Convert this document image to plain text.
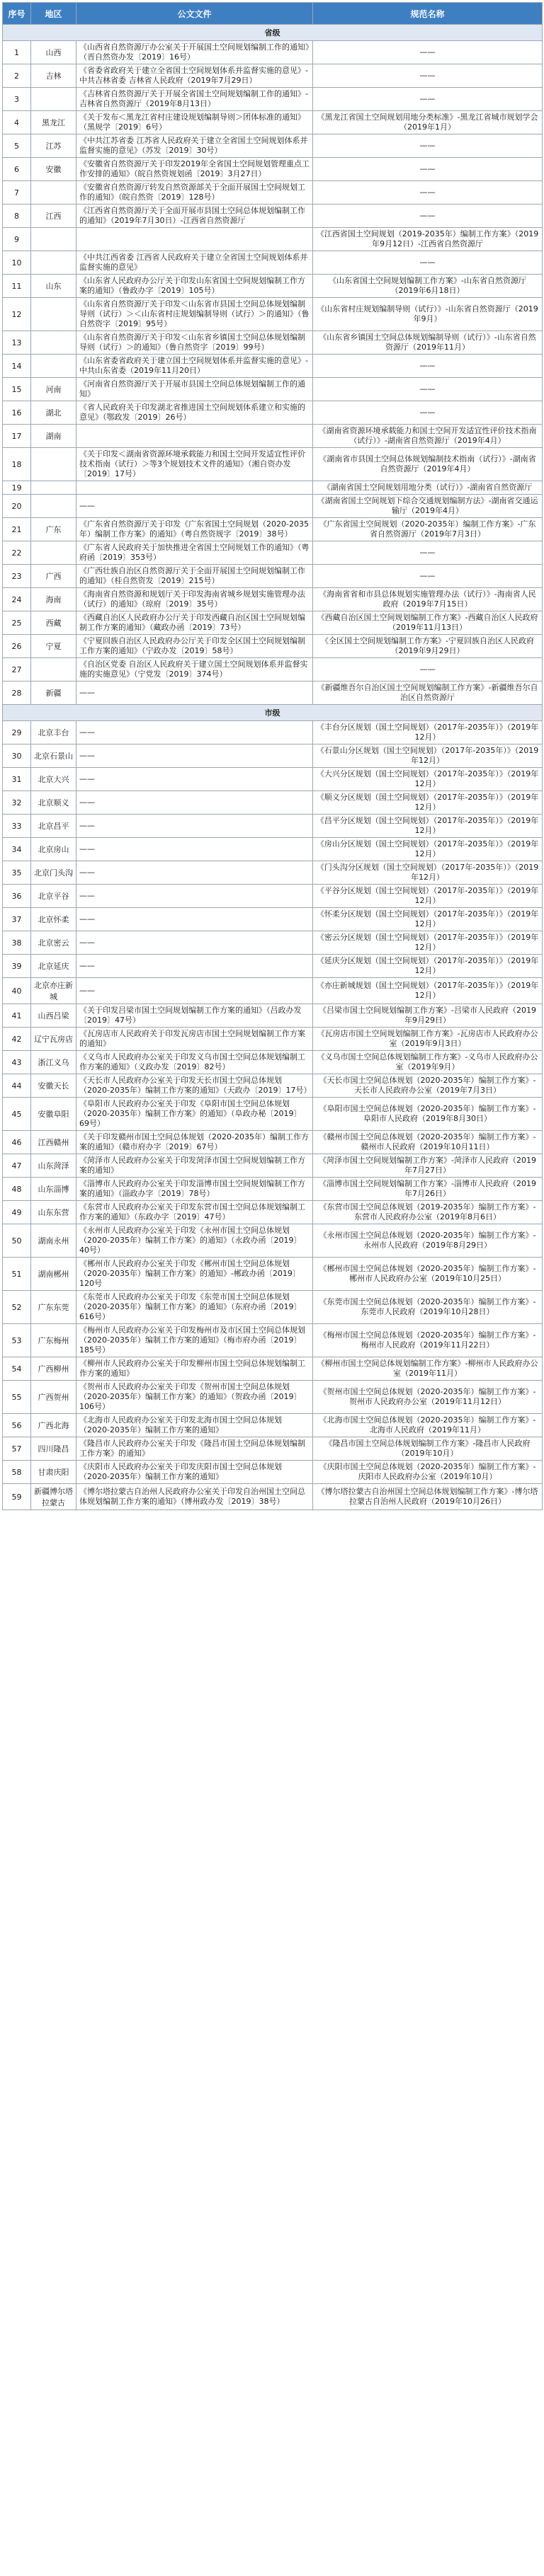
序号	地区	公文文件	规范名称
省级			
1	山西	《山西省自然资源厅办公室关于开展国土空间规划编制工作的通知》（晋自然资办发〔2019〕16号）	——
2	吉林	《省委省政府关于建立全省国土空间规划体系并监督实施的意见》-中共吉林省委 吉林省人民政府（2019年7月29日）	——
3		《吉林省自然资源厅关于开展全省国土空间规划编制工作的通知》-吉林省自然资源厅（2019年8月13日）	——
4	黑龙江	《关于发布＜黑龙江省村庄建设规划编制导则＞团体标准的通知》（黑规学〔2019〕6号）	《黑龙江省国土空间规划用地分类标准》-黑龙江省城市规划学会（2019年1月）
5	江苏	《中共江苏省委 江苏省人民政府关于建立全省国土空间规划体系并监督实施的意见》（苏发〔2019〕30号）	——
6	安徽	《安徽省自然资源厅关于印发2019年全省国土空间规划管理重点工作安排的通知》（皖自然资规划函〔2019〕3月27日）	——
7		《安徽省自然资源厅转发自然资源部关于全面开展国土空间规划工作的通知》（皖自然资〔2019〕128号）	——
8	江西	《江西省自然资源厅关于全面开展市县国土空间总体规划编制工作的通知》（2019年7月30日）-江西省自然资源厅	——
9			《江西省国土空间规划（2019-2035年）编制工作方案》（2019年9月12日）-江西省自然资源厅
10		《中共江西省委 江西省人民政府关于建立全省国土空间规划体系并监督实施的意见》	——
11	山东	《山东省人民政府办公厅关于印发山东省国土空间规划编制工作方案的通知》（鲁政办字〔2019〕105号）	《山东省国土空间规划编制工作方案》-山东省自然资源厅（2019年6月18日）
12		《山东省自然资源厅关于印发＜山东省市县国土空间总体规划编制导则（试行）＞＜山东省村庄规划编制导则（试行）＞的通知》（鲁自然资字〔2019〕95号）	《山东省村庄规划编制导则（试行）》-山东省自然资源厅（2019年9月）
13		《山东省自然资源厅关于印发＜山东省乡镇国土空间总体规划编制导则（试行）＞的通知》（鲁自然资字〔2019〕99号）	《山东省乡镇国土空间总体规划编制导则（试行）》-山东省自然资源厅（2019年11月）
14		《山东省委省政府关于建立国土空间规划体系并监督实施的意见》-中共山东省委（2019年11月20日）	——
15	河南	《河南省自然资源厅关于开展市县国土空间总体规划编制工作的通知》	——
16	湖北	《省人民政府关于印发湖北省推进国土空间规划体系建立和实施的意见》（鄂政发〔2019〕26号）	——
17	湖南		《湖南省资源环境承载能力和国土空间开发适宜性评价技术指南（试行）》-湖南省自然资源厅（2019年4月）
18		《关于印发＜湖南省资源环境承载能力和国土空间开发适宜性评价技术指南（试行）＞等3个规划技术文件的通知》（湘自资办发〔2019〕17号）	《湖南省市县国土空间总体规划编制技术指南（试行）》-湖南省自然资源厅（2019年4月）
19			《湖南省国土空间规划用地分类（试行）》-湖南省自然资源厅
20		——	《湖南省国土空间规划下综合交通规划编制方法》-湖南省交通运输厅（2019年4月）
21	广东	《广东省自然资源厅关于印发《广东省国土空间规划（2020-2035年）编制工作方案》的通知》（粤自然资规字〔2019〕38号）	《广东省国土空间规划（2020-2035年）编制工作方案》-广东省自然资源厅（2019年7月3日）
22		《广东省人民政府关于加快推进全省国土空间规划工作的通知》（粤府函〔2019〕353号）	——
23	广西	《广西壮族自治区自然资源厅关于全面开展国土空间规划编制工作的通知》（桂自然资发〔2019〕215号）	——
24	海南	《海南省自然资源和规划厅关于印发海南省城乡规划实施管理办法（试行）的通知》（琼府〔2019〕35号）	《海南省省和市县总体规划实施管理办法（试行）》-海南省人民政府（2019年7月15日）
25	西藏	《西藏自治区人民政府办公厅关于印发西藏自治区国土空间规划编制工作方案的通知》（藏政办函〔2019〕73号）	《西藏自治区国土空间规划编制工作方案》-西藏自治区人民政府（2019年11月13日）
26	宁夏	《宁夏回族自治区人民政府办公厅关于印发全区国土空间规划编制工作方案的通知》（宁政办发〔2019〕58号）	《全区国土空间规划编制工作方案》-宁夏回族自治区人民政府（2019年9月29日）
27		《自治区党委 自治区人民政府关于建立国土空间规划体系并监督实施的实施意见》（宁党发〔2019〕374号）	——
28	新疆	——	《新疆维吾尔自治区国土空间规划编制工作方案》-新疆维吾尔自治区自然资源厅
市级			
29	北京丰台	——	《丰台分区规划（国土空间规划）（2017年-2035年）》（2019年12月）
30	北京石景山	——	《石景山分区规划（国土空间规划）（2017年-2035年）》（2019年12月）
31	北京大兴	——	《大兴分区规划（国土空间规划）（2017年-2035年）》（2019年12月）
32	北京顺义	——	《顺义分区规划（国土空间规划）（2017年-2035年）》（2019年12月）
33	北京昌平	——	《昌平分区规划（国土空间规划）（2017年-2035年）》（2019年12月）
34	北京房山	——	《房山分区规划（国土空间规划）（2017年-2035年）》（2019年12月）
35	北京门头沟	——	《门头沟分区规划（国土空间规划）（2017年-2035年）》（2019年12月）
36	北京平谷	——	《平谷分区规划（国土空间规划）（2017年-2035年）》（2019年12月）
37	北京怀柔	——	《怀柔分区规划（国土空间规划）（2017年-2035年）》（2019年12月）
38	北京密云	——	《密云分区规划（国土空间规划）（2017年-2035年）》（2019年12月）
39	北京延庆	——	《延庆分区规划（国土空间规划）（2017年-2035年）》（2019年12月）
40	北京亦庄新城	——	《亦庄新城规划（国土空间规划）（2017年-2035年）》（2019年12月）
41	山西吕梁	《关于印发吕梁市国土空间规划编制工作方案的通知》（吕政办发〔2019〕47号）	《吕梁市国土空间规划编制工作方案》-吕梁市人民政府（2019年9月29日）
42	辽宁瓦房店	《瓦房店市人民政府关于印发瓦房店市国土空间规划编制工作方案的通知》	《瓦房店市国土空间规划编制工作方案》-瓦房店市人民政府办公室（2019年9月3日）
43	浙江义乌	《义乌市人民政府办公室关于印发义乌市国土空间总体规划编制工作方案的通知》（义政办发〔2019〕82号）	《义乌市国土空间总体规划编制工作方案》-义乌市人民政府办公室（2019年9月）
44	安徽天长	《天长市人民政府办公室关于印发天长市国土空间总体规划（2020-2035年）编制工作方案的通知》（天政办〔2019〕17号）	《天长市国土空间总体规划（2020-2035年）编制工作方案》-天长市人民政府办公室（2019年7月3日）
45	安徽阜阳	《阜阳市人民政府办公室关于印发《阜阳市国土空间总体规划（2020-2035年）编制工作方案》的通知》（阜政办秘〔2019〕69号）	《阜阳市国土空间总体规划（2020-2035年）编制工作方案》-阜阳市人民政府（2019年8月30日）
46	江西赣州	《关于印发赣州市国土空间总体规划（2020-2035年）编制工作方案的通知》（赣市府办字〔2019〕67号）	《赣州市国土空间总体规划（2020-2035年）编制工作方案》-赣州市人民政府（2019年10月11日）
47	山东菏泽	《菏泽市人民政府办公室关于印发菏泽市国土空间规划编制工作方案的通知》	《菏泽市国土空间规划编制工作方案》-菏泽市人民政府（2019年7月27日）
48	山东淄博	《淄博市人民政府办公室关于印发淄博市国土空间规划编制工作方案的通知》（淄政办字〔2019〕78号）	《淄博市国土空间规划编制工作方案》-淄博市人民政府（2019年7月26日）
49	山东东营	《东营市人民政府办公室关于印发东营市国土空间总体规划编制工作方案的通知》（东政办字〔2019〕47号）	《东营市国土空间总体规划（2019-2035年）编制工作方案》-东营市人民政府办公室（2019年8月6日）
50	湖南永州	《永州市人民政府办公室关于印发《永州市国土空间总体规划（2020-2035年）编制工作方案》的通知》（永政办函〔2019〕40号）	《永州市国土空间总体规划（2020-2035年）编制工作方案》-永州市人民政府（2019年8月29日）
51	湖南郴州	《郴州市人民政府办公室关于印发《郴州市国土空间总体规划（2020-2035年）编制工作方案》的通知》-郴政办函〔2019〕120号	《郴州市国土空间总体规划（2020-2035年）编制工作方案》-郴州市人民政府办公室（2019年10月25日）
52	广东东莞	《东莞市人民政府办公室关于印发《东莞市国土空间总体规划（2020-2035年）编制工作方案》的通知》（东府办函〔2019〕616号）	《东莞市国土空间总体规划（2020-2035年）编制工作方案》-东莞市人民政府（2019年10月28日）
53	广东梅州	《梅州市人民政府办公室关于印发梅州市及市区国土空间总体规划（2020-2035年）编制工作方案的通知》（梅市府办函〔2019〕185号）	《梅州市国土空间总体规划（2020-2035年）编制工作方案》-梅州市人民政府（2019年11月22日）
54	广西柳州	《柳州市人民政府办公室关于印发柳州市国土空间总体规划编制工作方案的通知》	《柳州市国土空间总体规划编制工作方案》-柳州市人民政府办公室（2019年11月）
55	广西贺州	《贺州市人民政府办公室关于印发《贺州市国土空间总体规划（2020-2035年）编制工作方案》的通知》（贺政办函〔2019〕106号）	《贺州市国土空间总体规划（2020-2035年）编制工作方案》-贺州市人民政府办公室（2019年11月12日）
56	广西北海	《北海市人民政府办公室关于印发北海市国土空间总体规划（2020-2035年）编制工作方案的通知》	《北海市国土空间总体规划（2020-2035年）编制工作方案》-北海市人民政府（2019年11月）
57	四川隆昌	《隆昌市人民政府办公室关于印发《隆昌市国土空间总体规划编制工作方案》的通知》	《隆昌市国土空间总体规划编制工作方案》-隆昌市人民政府（2019年10月）
58	甘肃庆阳	《庆阳市人民政府办公室关于印发庆阳市国土空间总体规划（2020-2035年）编制工作方案的通知》	《庆阳市国土空间总体规划（2020-2035年）编制工作方案》-庆阳市人民政府办公室（2019年10月）
59	新疆博尔塔拉蒙古	《博尔塔拉蒙古自治州人民政府办公室关于印发自治州国土空间总体规划编制工作方案的通知》（博州政办发〔2019〕38号）	《博尔塔拉蒙古自治州国土空间总体规划编制工作方案》-博尔塔拉蒙古自治州人民政府（2019年10月26日）
